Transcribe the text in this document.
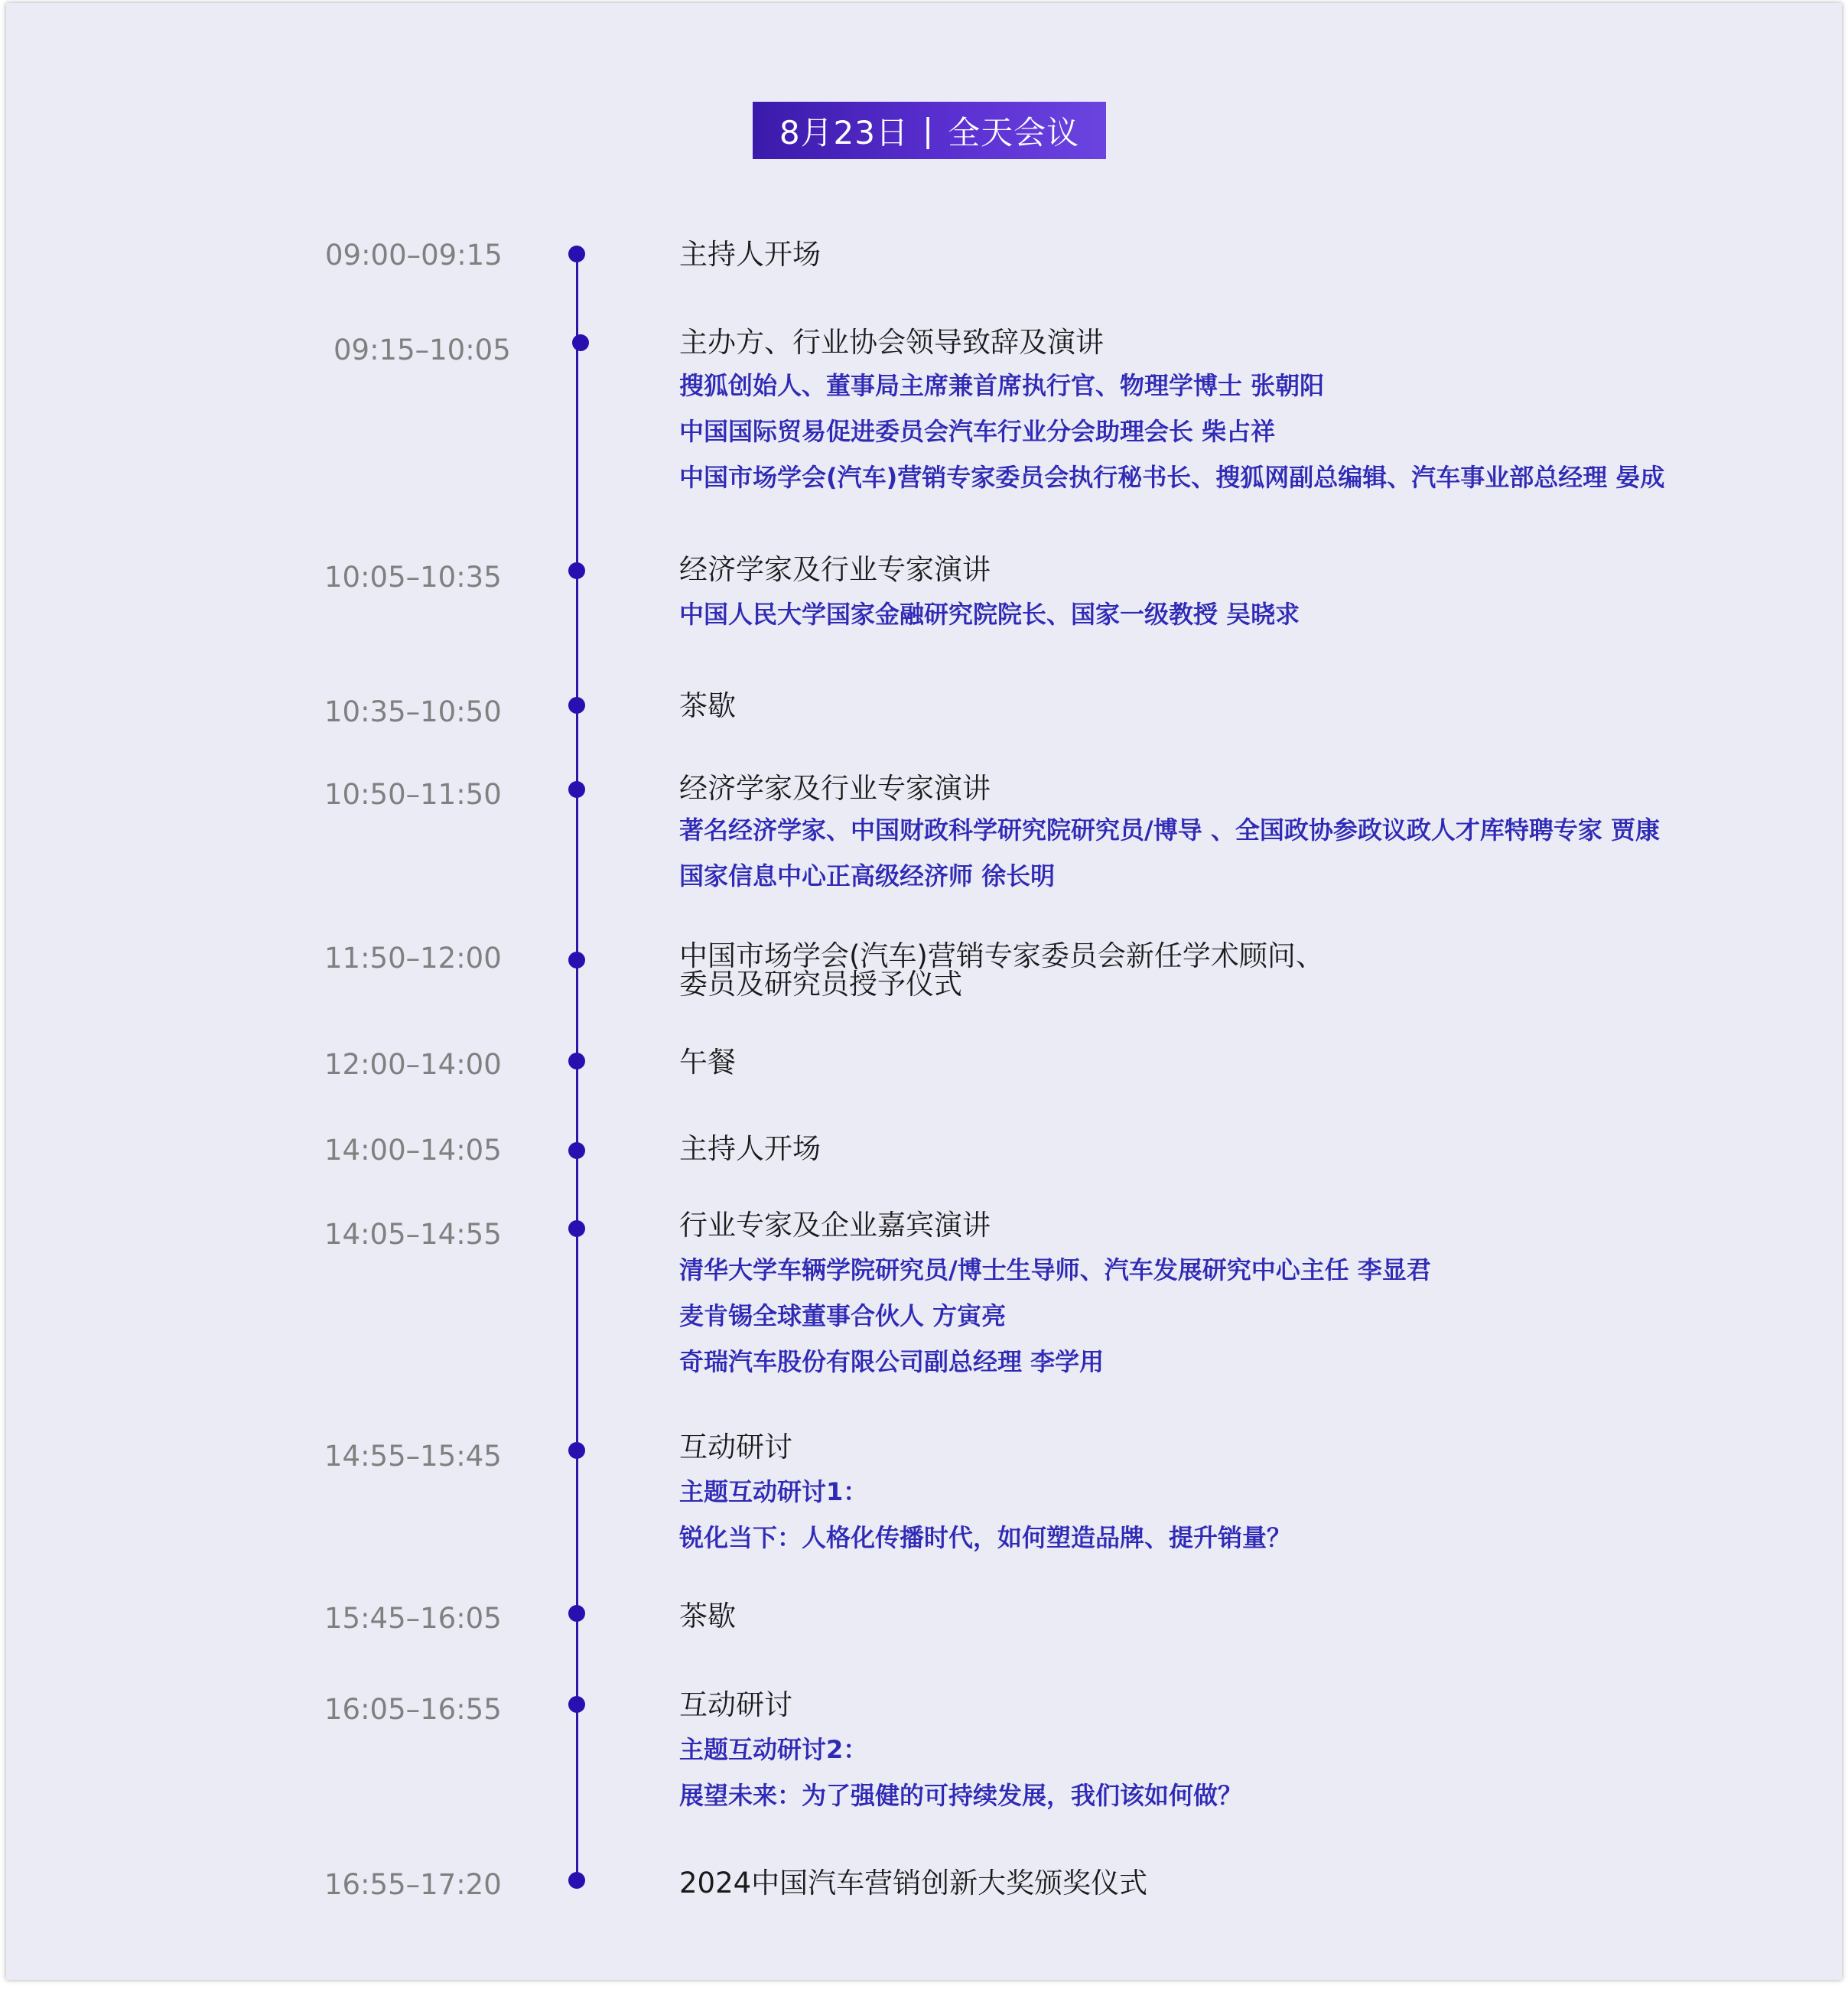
8月23日 | 全天会议
09:00–09:15	主持人开场
09:15–10:05	主办方、行业协会领导致辞及演讲
搜狐创始人、董事局主席兼首席执行官、物理学博士 张朝阳
中国国际贸易促进委员会汽车行业分会助理会长 柴占祥
中国市场学会(汽车)营销专家委员会执行秘书长、搜狐网副总编辑、汽车事业部总经理 晏成
10:05–10:35	经济学家及行业专家演讲
中国人民大学国家金融研究院院长、国家一级教授 吴晓求
10:35–10:50	茶歇
10:50–11:50	经济学家及行业专家演讲
著名经济学家、中国财政科学研究院研究员/博导 、全国政协参政议政人才库特聘专家 贾康
国家信息中心正高级经济师 徐长明
11:50–12:00	中国市场学会(汽车)营销专家委员会新任学术顾问、
委员及研究员授予仪式
12:00–14:00	午餐
14:00–14:05	主持人开场
14:05–14:55	行业专家及企业嘉宾演讲
清华大学车辆学院研究员/博士生导师、汽车发展研究中心主任 李显君
麦肯锡全球董事合伙人 方寅亮
奇瑞汽车股份有限公司副总经理 李学用
14:55–15:45	互动研讨
主题互动研讨1：
锐化当下：人格化传播时代，如何塑造品牌、提升销量？
15:45–16:05	茶歇
16:05–16:55	互动研讨
主题互动研讨2：
展望未来：为了强健的可持续发展，我们该如何做？
16:55–17:20	2024中国汽车营销创新大奖颁奖仪式
